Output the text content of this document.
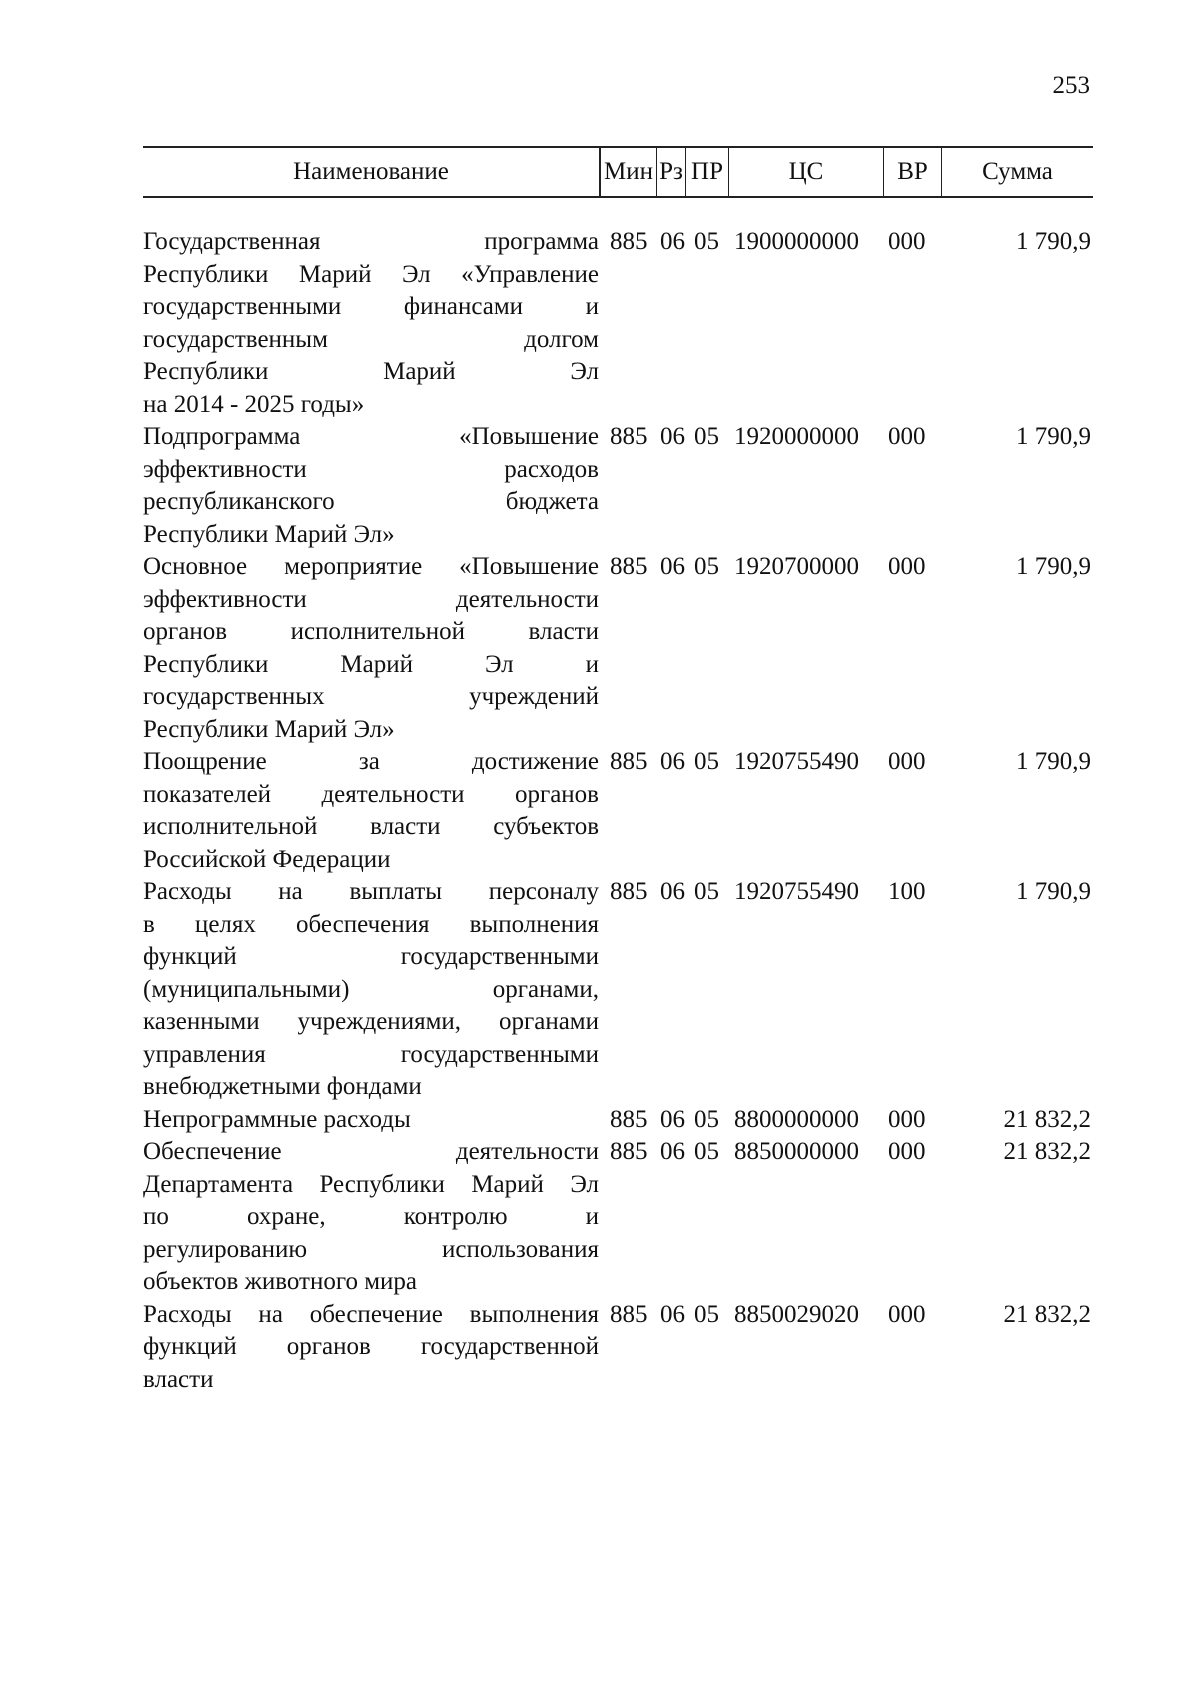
253
Наименование	Мин Рз ПР	ЦС	ВР	Сумма
Государственная программа
Республики Марий Эл «Управление
государственными финансами и
государственным долгом
Республики Марий Эл
на 2014 - 2025 годы»
885 06 05 1900000000	000	1 790,9
Подпрограмма «Повышение
эффективности расходов
республиканского бюджета
Республики Марий Эл»
885 06 05 1920000000	000	1 790,9
Основное мероприятие «Повышение
эффективности деятельности
органов исполнительной власти
Республики Марий Эл и
государственных учреждений
Республики Марий Эл»
885 06 05 1920700000	000	1 790,9
Поощрение за достижение
показателей деятельности органов
исполнительной власти субъектов
Российской Федерации
885 06 05 1920755490	000	1 790,9
Расходы на выплаты персоналу
в целях обеспечения выполнения
функций государственными
(муниципальными) органами,
казенными учреждениями, органами
управления государственными
внебюджетными фондами
885 06 05 1920755490	100	1 790,9
Непрограммные расходы	885 06 05 8800000000	000	21 832,2
Обеспечение деятельности
Департамента Республики Марий Эл
по охране, контролю и
регулированию использования
объектов животного мира
885 06 05 8850000000	000	21 832,2
Расходы на обеспечение выполнения
функций органов государственной
власти
885 06 05 8850029020	000	21 832,2
